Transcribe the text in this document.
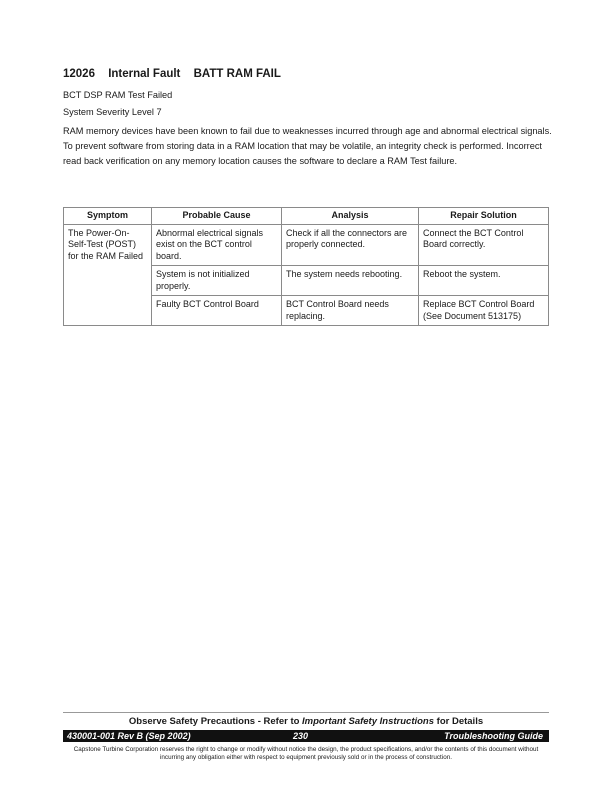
12026 Internal Fault BATT RAM FAIL
BCT DSP RAM Test Failed
System Severity Level 7
RAM memory devices have been known to fail due to weaknesses incurred through age and abnormal electrical signals. To prevent software from storing data in a RAM location that may be volatile, an integrity check is performed. Incorrect read back verification on any memory location causes the software to declare a RAM Test failure.
Symptom	Probable Cause	Analysis	Repair Solution
The Power-On-Self-Test (POST) for the RAM Failed	Abnormal electrical signals exist on the BCT control board.	Check if all the connectors are properly connected.	Connect the BCT Control Board correctly.
	System is not initialized properly.	The system needs rebooting.	Reboot the system.
	Faulty BCT Control Board	BCT Control Board needs replacing.	Replace BCT Control Board (See Document 513175)
Observe Safety Precautions - Refer to Important Safety Instructions for Details
430001-001 Rev B (Sep 2002)	230	Troubleshooting Guide
Capstone Turbine Corporation reserves the right to change or modify without notice the design, the product specifications, and/or the contents of this document without incurring any obligation either with respect to equipment previously sold or in the process of construction.
